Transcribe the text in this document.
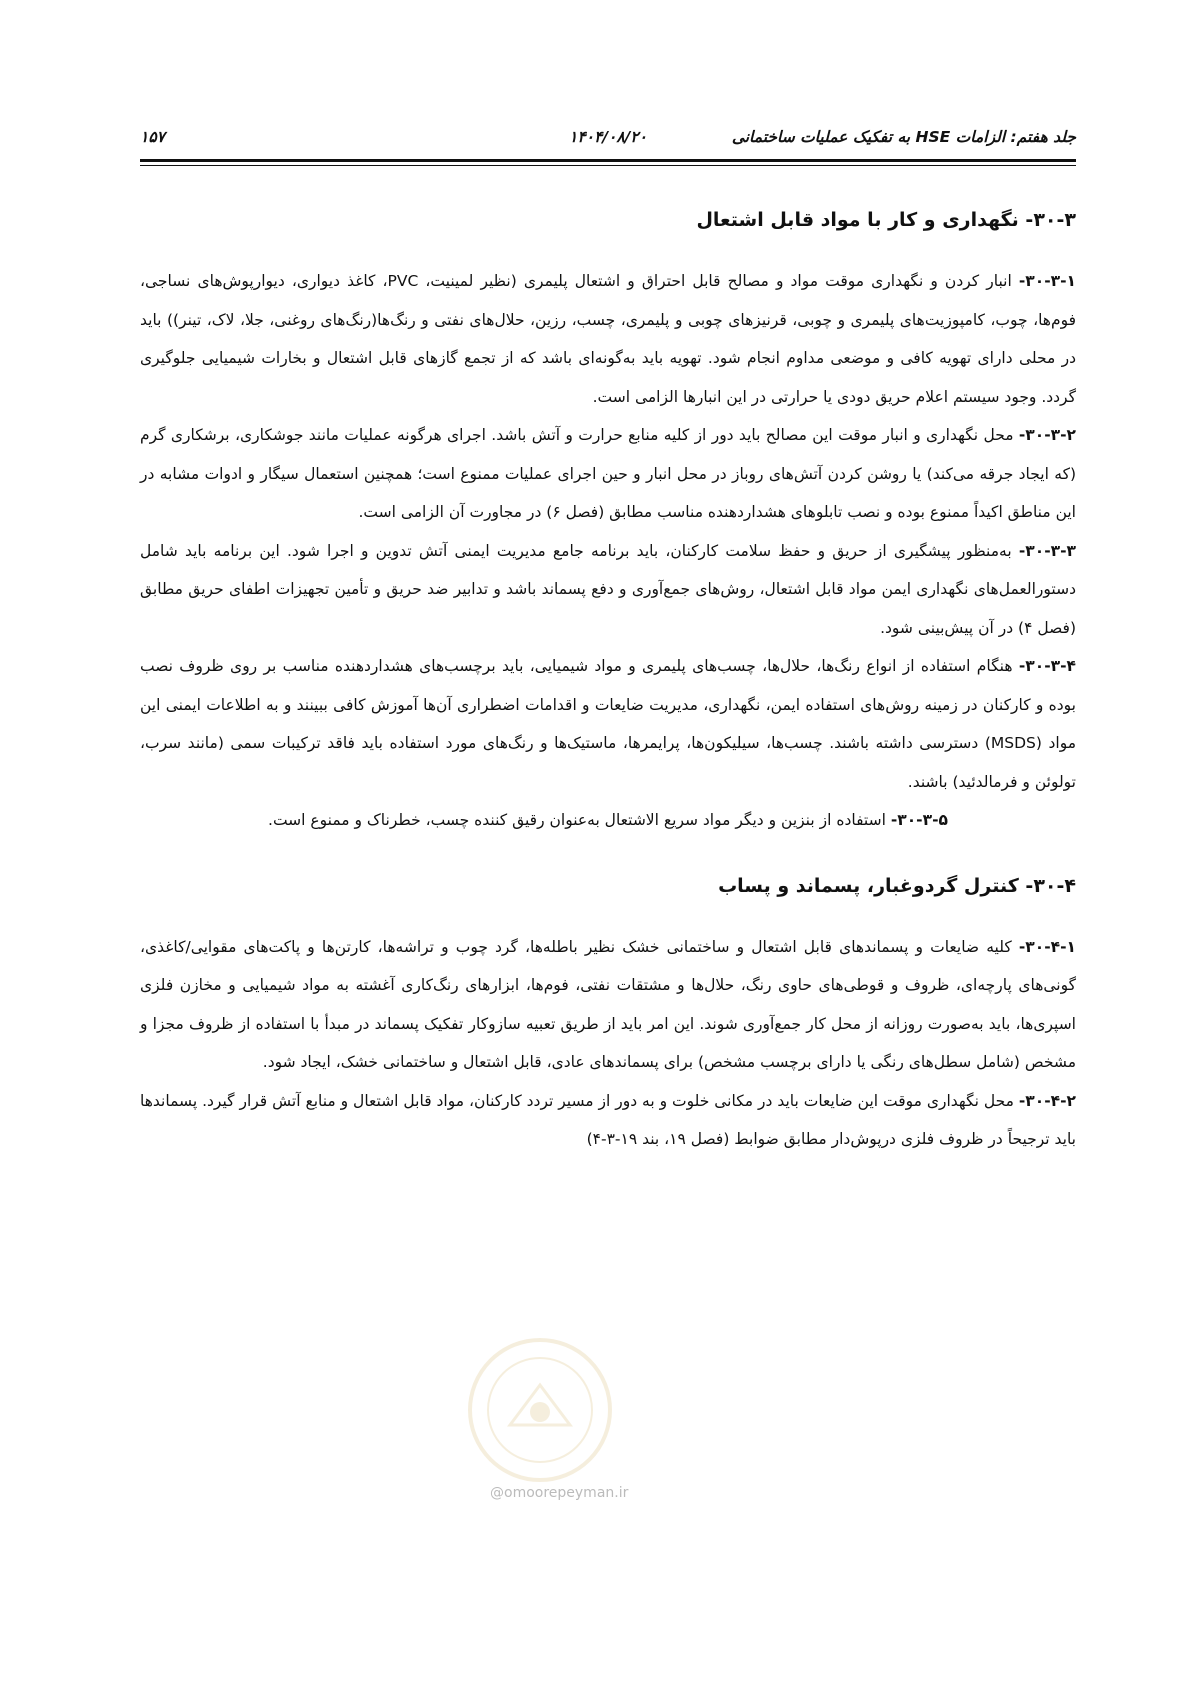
جلد هفتم: الزامات HSE به تفکیک عملیات ساختمانی
۱۴۰۴/۰۸/۲۰
۱۵۷
۳۰-۳- نگهداری و کار با مواد قابل اشتعال

۳۰-۳-۱- انبار کردن و نگهداری موقت مواد و مصالح قابل احتراق و اشتعال پلیمری (نظیر لمینیت، PVC، کاغذ دیواری، دیوارپوش‌های نساجی، فوم‌ها، چوب، کامپوزیت‌های پلیمری و چوبی، قرنیزهای چوبی و پلیمری، چسب، رزین، حلال‌های نفتی و رنگ‌ها(رنگ‌های روغنی، جلا، لاک، تینر)) باید در محلی دارای تهویه کافی و موضعی مداوم انجام شود. تهویه باید به‌گونه‌ای باشد که از تجمع گازهای قابل اشتعال و بخارات شیمیایی جلوگیری گردد. وجود سیستم اعلام حریق دودی یا حرارتی در این انبارها الزامی است.

۳۰-۳-۲- محل نگهداری و انبار موقت این مصالح باید دور از کلیه منابع حرارت و آتش باشد. اجرای هرگونه عملیات مانند جوشکاری، برشکاری گرم (که ایجاد جرقه می‌کند) یا روشن کردن آتش‌های روباز در محل انبار و حین اجرای عملیات ممنوع است؛ همچنین استعمال سیگار و ادوات مشابه در این مناطق اکیداً ممنوع بوده و نصب تابلوهای هشداردهنده مناسب مطابق (فصل ۶) در مجاورت آن الزامی است.

۳۰-۳-۳- به‌منظور پیشگیری از حریق و حفظ سلامت کارکنان، باید برنامه جامع مدیریت ایمنی آتش تدوین و اجرا شود. این برنامه باید شامل دستورالعمل‌های نگهداری ایمن مواد قابل اشتعال، روش‌های جمع‌آوری و دفع پسماند باشد و تدابیر ضد حریق و تأمین تجهیزات اطفای حریق مطابق (فصل ۴) در آن پیش‌بینی شود.

۳۰-۳-۴- هنگام استفاده از انواع رنگ‌ها، حلال‌ها، چسب‌های پلیمری و مواد شیمیایی، باید برچسب‌های هشداردهنده مناسب بر روی ظروف نصب بوده و کارکنان در زمینه روش‌های استفاده ایمن، نگهداری، مدیریت ضایعات و اقدامات اضطراری آن‌ها آموزش کافی ببینند و به اطلاعات ایمنی این مواد (MSDS) دسترسی داشته باشند. چسب‌ها، سیلیکون‌ها، پرایمرها، ماستیک‌ها و رنگ‌های مورد استفاده باید فاقد ترکیبات سمی (مانند سرب، تولوئن و فرمالدئید) باشند.

۳۰-۳-۵- استفاده از بنزین و دیگر مواد سریع الاشتعال به‌عنوان رقیق کننده چسب، خطرناک و ممنوع است.

۳۰-۴- کنترل گردوغبار، پسماند و پساب

۳۰-۴-۱- کلیه ضایعات و پسماندهای قابل اشتعال و ساختمانی خشک نظیر باطله‌ها، گرد چوب و تراشه‌ها، کارتن‌ها و پاکت‌های مقوایی/کاغذی، گونی‌های پارچه‌ای، ظروف و قوطی‌های حاوی رنگ، حلال‌ها و مشتقات نفتی، فوم‌ها، ابزارهای رنگ‌کاری آغشته به مواد شیمیایی و مخازن فلزی اسپری‌ها، باید به‌صورت روزانه از محل کار جمع‌آوری شوند. این امر باید از طریق تعبیه سازوکار تفکیک پسماند در مبدأ با استفاده از ظروف مجزا و مشخص (شامل سطل‌های رنگی یا دارای برچسب مشخص) برای پسماندهای عادی، قابل اشتعال و ساختمانی خشک، ایجاد شود.

۳۰-۴-۲- محل نگهداری موقت این ضایعات باید در مکانی خلوت و به دور از مسیر تردد کارکنان، مواد قابل اشتعال و منابع آتش قرار گیرد. پسماندها باید ترجیحاً در ظروف فلزی درپوش‌دار مطابق ضوابط (فصل ۱۹، بند ۱۹-۳-۴)

@omoorepeyman.ir
